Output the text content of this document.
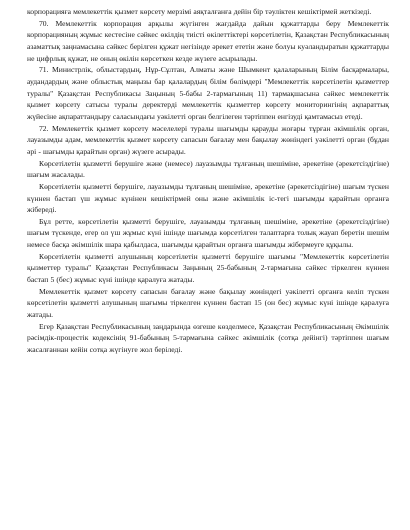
корпорацияға мемлекеттік қызмет көрсету мерзімі аяқталғанға дейін бір тәуліктен кешіктірмей жеткізеді.

70. Мемлекеттік корпорация арқылы жүгінген жағдайда дайын құжаттарды беру Мемлекеттік корпорацияның жұмыс кестесіне сәйкес өкілдің тиісті өкілеттіктері көрсетілетін, Қазақстан Республикасының азаматтық заңнамасына сәйкес берілген құжат негізінде әрекет ететін және болуы куәландыратын құжаттарды не цифрлық құжат, не оның өкілін көрсеткен кезде жүзеге асырылады.

71. Министрлік, облыстардың, Нұр-Сұлтан, Алматы және Шымкент қалаларының Білім басқармалары, аудандардың және облыстық маңызы бар қалалардың білім бөлімдері "Мемлекеттік көрсетілетін қызметтер туралы" Қазақстан Республикасы Заңының 5-бабы 2-тармағының 11) тармақшасына сәйкес мемлекеттік қызмет көрсету сатысы туралы деректерді мемлекеттік қызметтер көрсету мониторингінің ақпараттық жүйесіне ақпараттандыру саласындағы уәкілетті орган белгілеген тәртіппен енгізуді қамтамасыз етеді.

72. Мемлекеттік қызмет көрсету мәселелері туралы шағымды қарауды жоғары тұрған әкімшілік орган, лауазымды адам, мемлекеттік қызмет көрсету сапасын бағалау мен бақылау жөніндегі уәкілетті орган (бұдан әрі - шағымды қарайтын орган) жүзеге асырады.

Көрсетілетін қызметті берушіге және (немесе) лауазымды тұлғаның шешіміне, әрекетіне (әрекетсіздігіне) шағым жасалады.

Көрсетілетін қызметті берушіге, лауазымды тұлғаның шешіміне, әрекетіне (әрекетсіздігіне) шағым түскен күннен бастап үш жұмыс күнінен кешіктірмей оны және әкімшілік іс-тегі шағымды қарайтын органға жібереді.

Бұл ретте, көрсетілетін қызметті берушіге, лауазымды тұлғаның шешіміне, әрекетіне (әрекетсіздігіне) шағым түскенде, егер ол үш жұмыс күні ішінде шағымда көрсетілген талаптарға толық жауап беретін шешім немесе басқа әкімшілік шара қабылдаса, шағымды қарайтын органға шағымды жібермеуге құқылы.

Көрсетілетін қызметті алушының көрсетілетін қызметті берушіге шағымы "Мемлекеттік көрсетілетін қызметтер туралы" Қазақстан Республикасы Заңының 25-бабының 2-тармағына сәйкес тіркелген күннен бастап 5 (бес) жұмыс күні ішінде қаралуға жатады.

Мемлекеттік қызмет көрсету сапасын бағалау және бақылау жөніндегі уәкілетті органға келіп түскен көрсетілетін қызметті алушының шағымы тіркелген күннен бастап 15 (он бес) жұмыс күні ішінде қаралуға жатады.

Егер Қазақстан Республикасының заңдарында өзгеше көзделмесе, Қазақстан Республикасының Әкімшілік рәсімдік-процестік кодексінің 91-бабының 5-тармағына сәйкес әкімшілік (сотқа дейінгі) тәртіппен шағым жасалғаннан кейін сотқа жүгінуге жол беріледі.
